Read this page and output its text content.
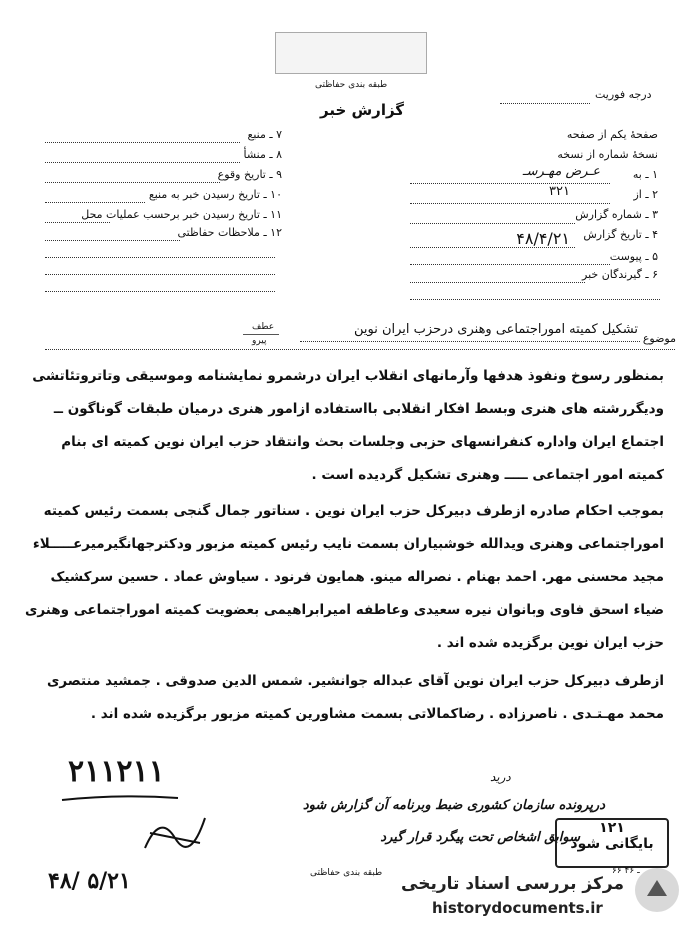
طبقه بندی حفاظتی
گزارش خبر
درجه فوریت
صفحهٔ یکم از صفحه
نسخهٔ شماره از نسخه
۱ ـ به
عـرض مهـرسـ
۲ ـ از
۳۲۱
۳ ـ شماره گزارش
۴ ـ تاریخ گزارش
۴۸/۴/۲۱
۵ ـ پیوست
۶ ـ گیرندگان خبر
۷ ـ منبع
۸ ـ منشأ
۹ ـ تاریخ وقوع
۱۰ ـ تاریخ رسیدن خبر به منبع
۱۱ ـ تاریخ رسیدن خبر برحسب عملیات محل
۱۲ ـ ملاحظات حفاظتی
موضوع
تشکیل کمیته اموراجتماعی وهنری درحزب ایران نوین
عطف
پیرو
بمنظور رسوخ ونفوذ هدفها وآرمانهای انقلاب ایران درشمرو نمایشنامه وموسیقی وتاتروتئاتشی
ودیگررشته های هنری وبسط افکار انقلابی بااستفاده ازامور هنری درمیان طبقات گوناگون ــ
اجتماع ایران واداره کنفرانسهای حزبی وجلسات بحث وانتقاد حزب ایران نوین کمیته ای بنام
کمیته امور اجتماعی ـــــ وهنری تشکیل گردیده است .
بموجب احکام صادره ازطرف دبیرکل حزب ایران نوین . سناتور جمال گنجی بسمت رئیس کمیته
اموراجتماعی وهنری ویدالله خوشبیاران بسمت نایب رئیس کمیته مزبور ودکترجهانگیرمیرعـــــلاء
مجید محسنی مهر. احمد بهنام . نصراله مینو. همایون فرنود . سیاوش عماد . حسین سرکشیک
ضیاء اسحق فاوی وبانوان نیره سعیدی وعاطفه امیرابراهیمی بعضویت کمیته اموراجتماعی وهنری
حزب ایران نوین برگزیده شده اند .
ازطرف دبیرکل حزب ایران نوین آقای عبداله جوانشیر. شمس الدین صدوقی . جمشید منتصری
محمد مهـتـدی . ناصرزاده . رضاکمالاتی بسمت مشاورین کمیته مزبور برگزیده شده اند .
۲۱۱۲۱۱	درید
درپرونده سازمان کشوری ضبط وبرنامه آن گزارش شود
سوابق اشخاص تحت پیگرد قرار گیرد
۴۸/ ۵/۲۱	طبقه بندی حفاظتی
۱۲۱
بایگانی شود
۶۶ ـ ۴۶
مرکز بررسی اسناد تاریخی
historydocuments.ir
